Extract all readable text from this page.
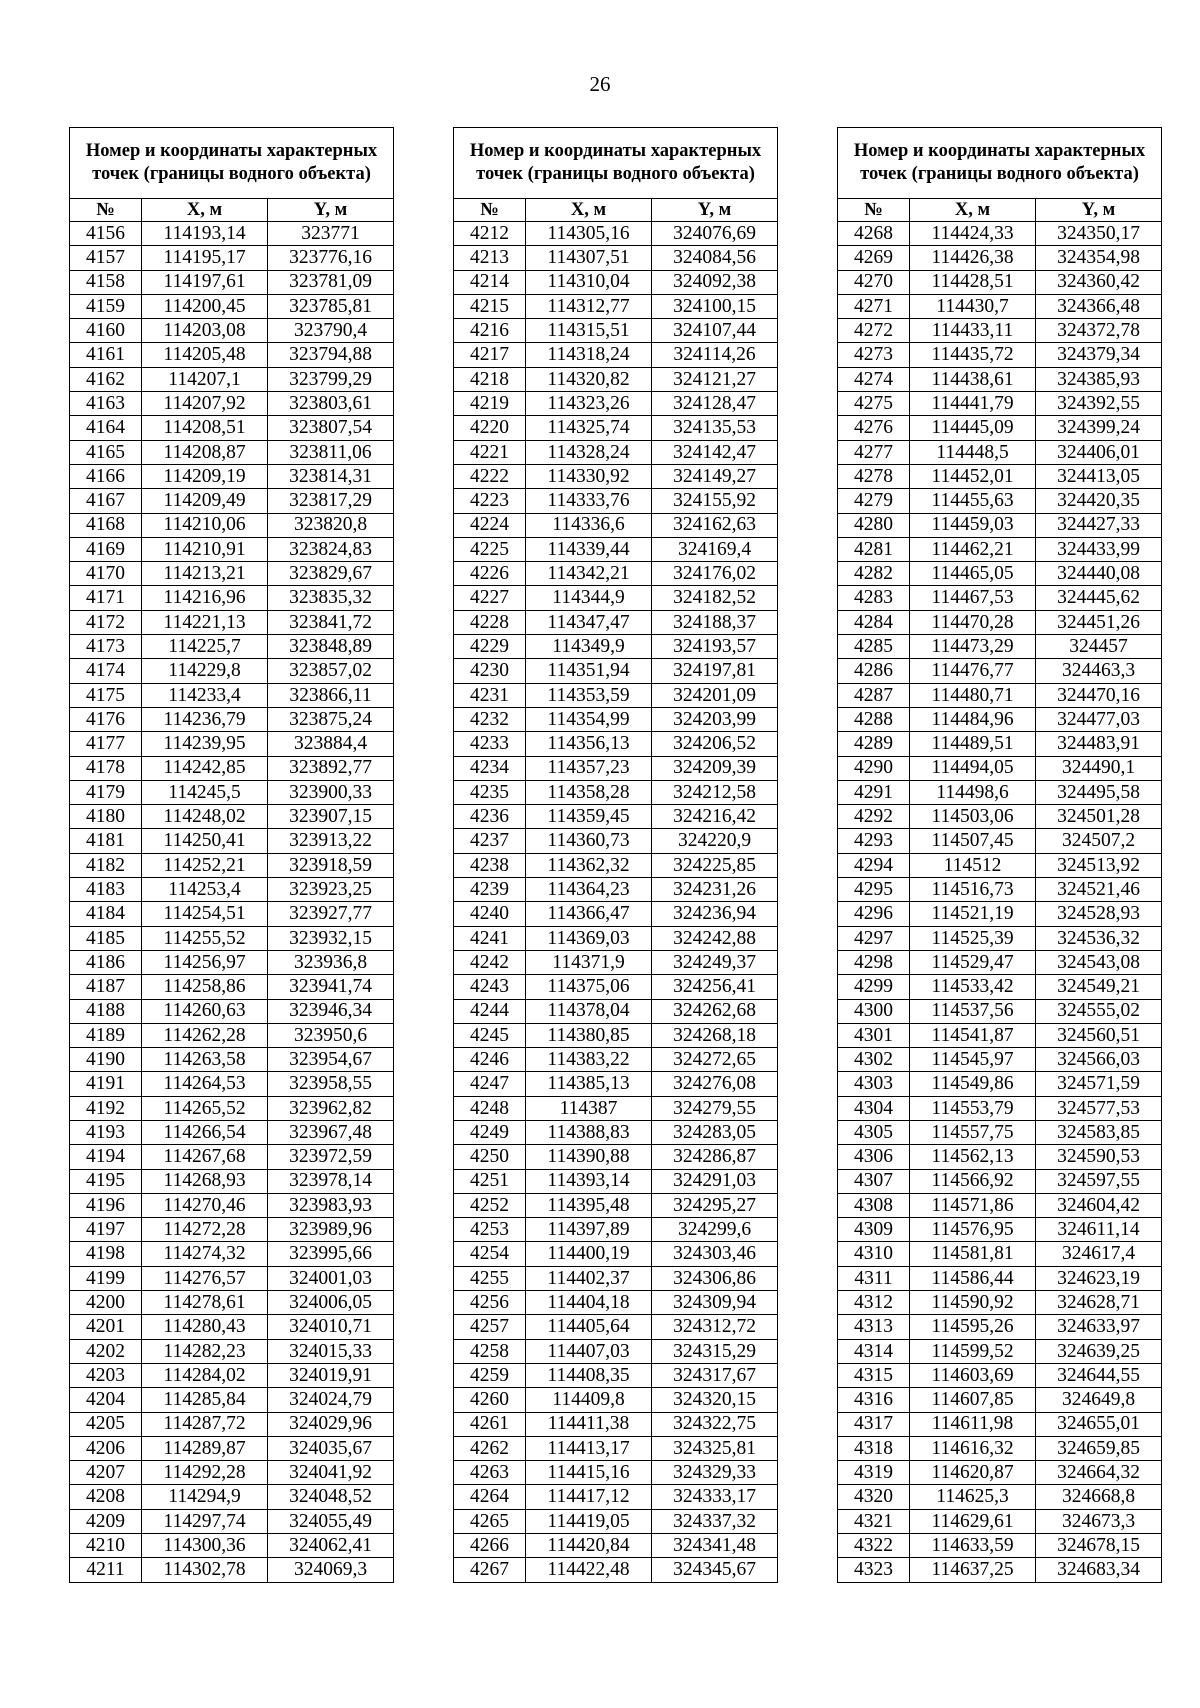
26
Номер и координаты характерных точек (границы водного объекта)		
№	X, м	Y, м
4156	114193,14	323771
4157	114195,17	323776,16
4158	114197,61	323781,09
4159	114200,45	323785,81
4160	114203,08	323790,4
4161	114205,48	323794,88
4162	114207,1	323799,29
4163	114207,92	323803,61
4164	114208,51	323807,54
4165	114208,87	323811,06
4166	114209,19	323814,31
4167	114209,49	323817,29
4168	114210,06	323820,8
4169	114210,91	323824,83
4170	114213,21	323829,67
4171	114216,96	323835,32
4172	114221,13	323841,72
4173	114225,7	323848,89
4174	114229,8	323857,02
4175	114233,4	323866,11
4176	114236,79	323875,24
4177	114239,95	323884,4
4178	114242,85	323892,77
4179	114245,5	323900,33
4180	114248,02	323907,15
4181	114250,41	323913,22
4182	114252,21	323918,59
4183	114253,4	323923,25
4184	114254,51	323927,77
4185	114255,52	323932,15
4186	114256,97	323936,8
4187	114258,86	323941,74
4188	114260,63	323946,34
4189	114262,28	323950,6
4190	114263,58	323954,67
4191	114264,53	323958,55
4192	114265,52	323962,82
4193	114266,54	323967,48
4194	114267,68	323972,59
4195	114268,93	323978,14
4196	114270,46	323983,93
4197	114272,28	323989,96
4198	114274,32	323995,66
4199	114276,57	324001,03
4200	114278,61	324006,05
4201	114280,43	324010,71
4202	114282,23	324015,33
4203	114284,02	324019,91
4204	114285,84	324024,79
4205	114287,72	324029,96
4206	114289,87	324035,67
4207	114292,28	324041,92
4208	114294,9	324048,52
4209	114297,74	324055,49
4210	114300,36	324062,41
4211	114302,78	324069,3
Номер и координаты характерных точек (границы водного объекта)		
№	X, м	Y, м
4212	114305,16	324076,69
4213	114307,51	324084,56
4214	114310,04	324092,38
4215	114312,77	324100,15
4216	114315,51	324107,44
4217	114318,24	324114,26
4218	114320,82	324121,27
4219	114323,26	324128,47
4220	114325,74	324135,53
4221	114328,24	324142,47
4222	114330,92	324149,27
4223	114333,76	324155,92
4224	114336,6	324162,63
4225	114339,44	324169,4
4226	114342,21	324176,02
4227	114344,9	324182,52
4228	114347,47	324188,37
4229	114349,9	324193,57
4230	114351,94	324197,81
4231	114353,59	324201,09
4232	114354,99	324203,99
4233	114356,13	324206,52
4234	114357,23	324209,39
4235	114358,28	324212,58
4236	114359,45	324216,42
4237	114360,73	324220,9
4238	114362,32	324225,85
4239	114364,23	324231,26
4240	114366,47	324236,94
4241	114369,03	324242,88
4242	114371,9	324249,37
4243	114375,06	324256,41
4244	114378,04	324262,68
4245	114380,85	324268,18
4246	114383,22	324272,65
4247	114385,13	324276,08
4248	114387	324279,55
4249	114388,83	324283,05
4250	114390,88	324286,87
4251	114393,14	324291,03
4252	114395,48	324295,27
4253	114397,89	324299,6
4254	114400,19	324303,46
4255	114402,37	324306,86
4256	114404,18	324309,94
4257	114405,64	324312,72
4258	114407,03	324315,29
4259	114408,35	324317,67
4260	114409,8	324320,15
4261	114411,38	324322,75
4262	114413,17	324325,81
4263	114415,16	324329,33
4264	114417,12	324333,17
4265	114419,05	324337,32
4266	114420,84	324341,48
4267	114422,48	324345,67
Номер и координаты характерных точек (границы водного объекта)		
№	X, м	Y, м
4268	114424,33	324350,17
4269	114426,38	324354,98
4270	114428,51	324360,42
4271	114430,7	324366,48
4272	114433,11	324372,78
4273	114435,72	324379,34
4274	114438,61	324385,93
4275	114441,79	324392,55
4276	114445,09	324399,24
4277	114448,5	324406,01
4278	114452,01	324413,05
4279	114455,63	324420,35
4280	114459,03	324427,33
4281	114462,21	324433,99
4282	114465,05	324440,08
4283	114467,53	324445,62
4284	114470,28	324451,26
4285	114473,29	324457
4286	114476,77	324463,3
4287	114480,71	324470,16
4288	114484,96	324477,03
4289	114489,51	324483,91
4290	114494,05	324490,1
4291	114498,6	324495,58
4292	114503,06	324501,28
4293	114507,45	324507,2
4294	114512	324513,92
4295	114516,73	324521,46
4296	114521,19	324528,93
4297	114525,39	324536,32
4298	114529,47	324543,08
4299	114533,42	324549,21
4300	114537,56	324555,02
4301	114541,87	324560,51
4302	114545,97	324566,03
4303	114549,86	324571,59
4304	114553,79	324577,53
4305	114557,75	324583,85
4306	114562,13	324590,53
4307	114566,92	324597,55
4308	114571,86	324604,42
4309	114576,95	324611,14
4310	114581,81	324617,4
4311	114586,44	324623,19
4312	114590,92	324628,71
4313	114595,26	324633,97
4314	114599,52	324639,25
4315	114603,69	324644,55
4316	114607,85	324649,8
4317	114611,98	324655,01
4318	114616,32	324659,85
4319	114620,87	324664,32
4320	114625,3	324668,8
4321	114629,61	324673,3
4322	114633,59	324678,15
4323	114637,25	324683,34
